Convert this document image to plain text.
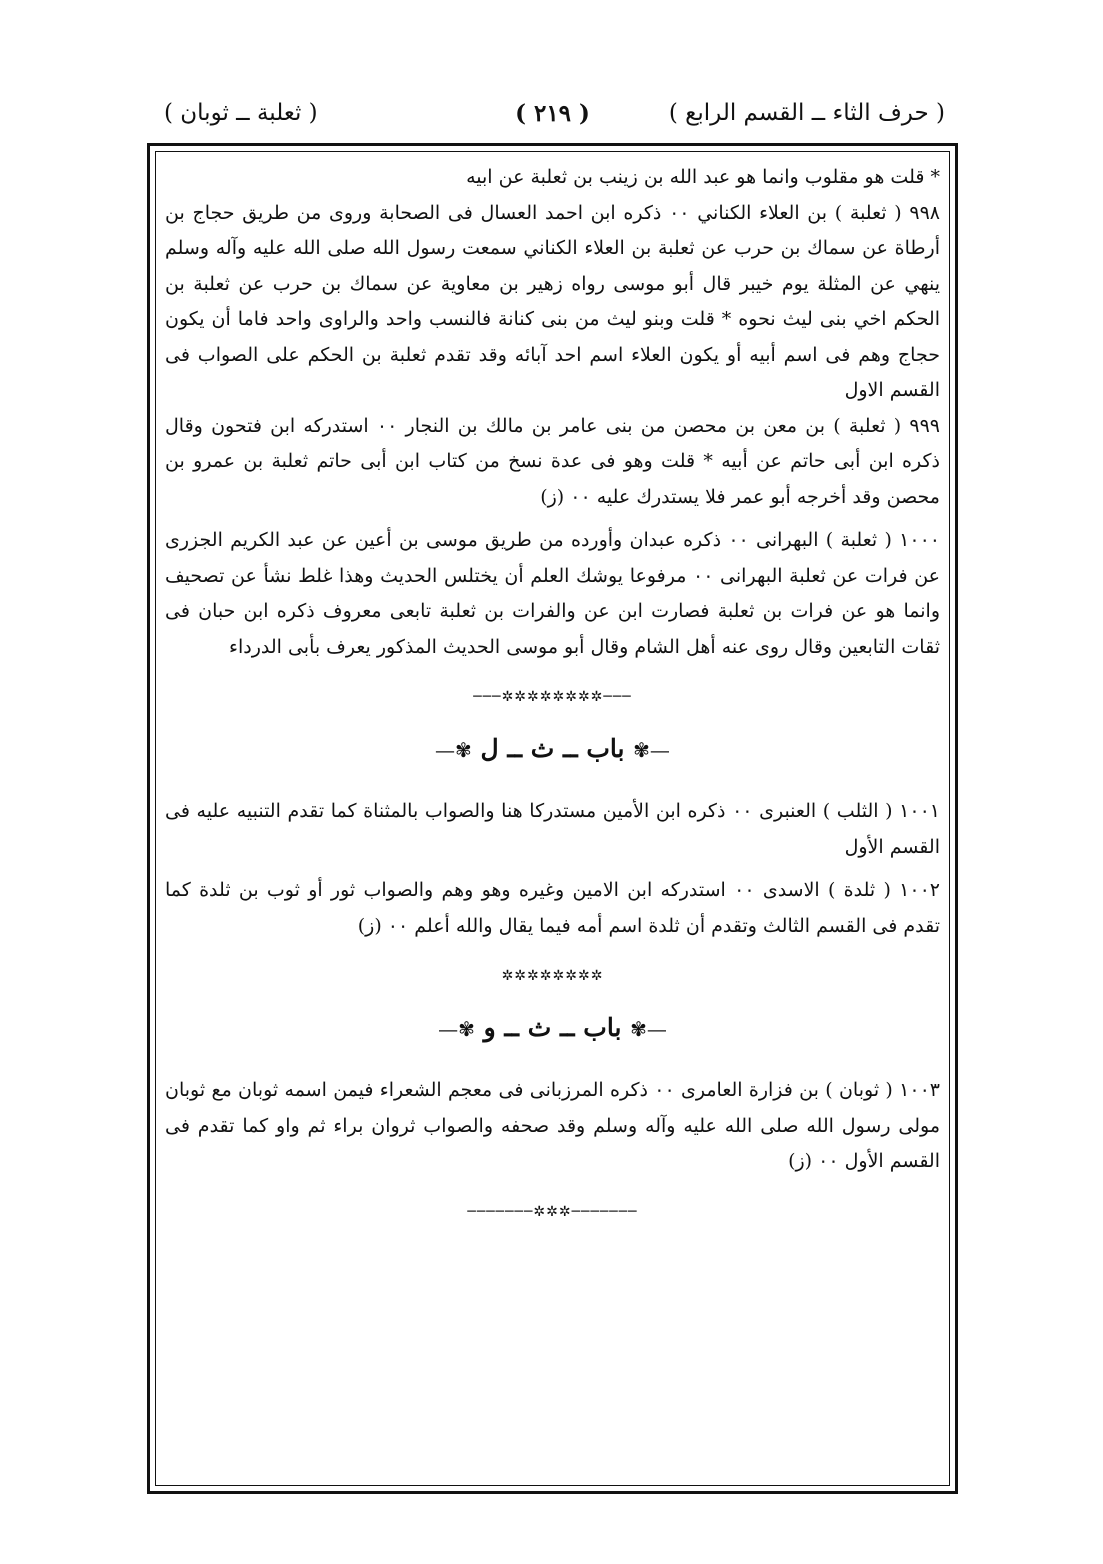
( حرف الثاء ــ القسم الرابع )
( ٢١٩ )
( ثعلبة ــ ثوبان )

* قلت هو مقلوب وانما هو عبد الله بن زينب بن ثعلبة عن ابيه

٩٩٨ ( ثعلبة ) بن العلاء الكناني ٠٠ ذكره ابن احمد العسال فى الصحابة وروى من طريق حجاج بن أرطاة عن سماك بن حرب عن ثعلبة بن العلاء الكناني سمعت رسول الله صلى الله عليه وآله وسلم ينهي عن المثلة يوم خيبر قال أبو موسى رواه زهير بن معاوية عن سماك بن حرب عن ثعلبة بن الحكم اخي بنى ليث نحوه * قلت وبنو ليث من بنى كنانة فالنسب واحد والراوى واحد فاما أن يكون حجاج وهم فى اسم أبيه أو يكون العلاء اسم احد آبائه وقد تقدم ثعلبة بن الحكم على الصواب فى القسم الاول

٩٩٩ ( ثعلبة ) بن معن بن محصن من بنى عامر بن مالك بن النجار ٠٠ استدركه ابن فتحون وقال ذكره ابن أبى حاتم عن أبيه * قلت وهو فى عدة نسخ من كتاب ابن أبى حاتم ثعلبة بن عمرو بن محصن وقد أخرجه أبو عمر فلا يستدرك عليه ٠٠ (ز)

١٠٠٠ ( ثعلبة ) البهرانى ٠٠ ذكره عبدان وأورده من طريق موسى بن أعين عن عبد الكريم الجزرى عن فرات عن ثعلبة البهرانى ٠٠ مرفوعا يوشك العلم أن يختلس الحديث وهذا غلط نشأ عن تصحيف وانما هو عن فرات بن ثعلبة فصارت ابن عن والفرات بن ثعلبة تابعى معروف ذكره ابن حبان فى ثقات التابعين وقال روى عنه أهل الشام وقال أبو موسى الحديث المذكور يعرف بأبى الدرداء

───✲✲✲✲✲✲✲✲───
—✾ باب ــ ث ــ ل ✾—

١٠٠١ ( الثلب ) العنبرى ٠٠ ذكره ابن الأمين مستدركا هنا والصواب بالمثناة كما تقدم التنبيه عليه فى القسم الأول

١٠٠٢ ( ثلدة ) الاسدى ٠٠ استدركه ابن الامين وغيره وهو وهم والصواب ثور أو ثوب بن ثلدة كما تقدم فى القسم الثالث وتقدم أن ثلدة اسم أمه فيما يقال والله أعلم ٠٠ (ز)

✲✲✲✲✲✲✲✲
—✾ باب ــ ث ــ و ✾—

١٠٠٣ ( ثوبان ) بن فزارة العامرى ٠٠ ذكره المرزبانى فى معجم الشعراء فيمن اسمه ثوبان مع ثوبان مولى رسول الله صلى الله عليه وآله وسلم وقد صحفه والصواب ثروان براء ثم واو كما تقدم فى القسم الأول ٠٠ (ز)

───────✲✲✲───────
